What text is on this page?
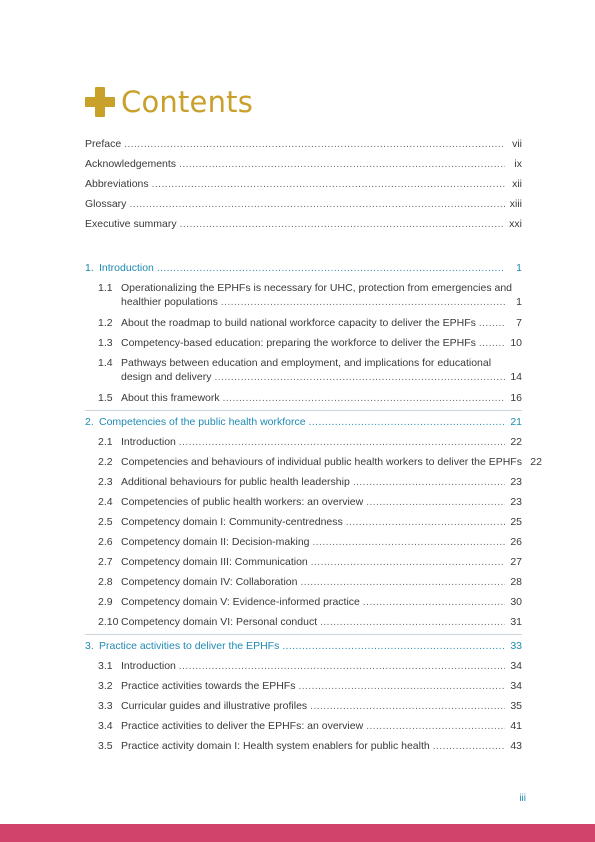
Contents
Preface .....	vii
Acknowledgements .....	ix
Abbreviations .....	xii
Glossary .....	xiii
Executive summary .....	xxi
1. Introduction .....	1
1.1 Operationalizing the EPHFs is necessary for UHC, protection from emergencies and
healthier populations .....	1
1.2 About the roadmap to build national workforce capacity to deliver the EPHFs .....	7
1.3 Competency-based education: preparing the workforce to deliver the EPHFs .....	10
1.4 Pathways between education and employment, and implications for educational
design and delivery .....	14
1.5 About this framework .....	16
2. Competencies of the public health workforce .....	21
2.1 Introduction .....	22
2.2 Competencies and behaviours of individual public health workers to deliver the EPHFs 22
2.3 Additional behaviours for public health leadership .....	23
2.4 Competencies of public health workers: an overview .....	23
2.5 Competency domain I: Community-centredness .....	25
2.6 Competency domain II: Decision-making .....	26
2.7 Competency domain III: Communication .....	27
2.8 Competency domain IV: Collaboration .....	28
2.9 Competency domain V: Evidence-informed practice .....	30
2.10 Competency domain VI: Personal conduct .....	31
3. Practice activities to deliver the EPHFs .....	33
3.1 Introduction .....	34
3.2 Practice activities towards the EPHFs .....	34
3.3 Curricular guides and illustrative profiles .....	35
3.4 Practice activities to deliver the EPHFs: an overview .....	41
3.5 Practice activity domain I: Health system enablers for public health .....	43
iii
